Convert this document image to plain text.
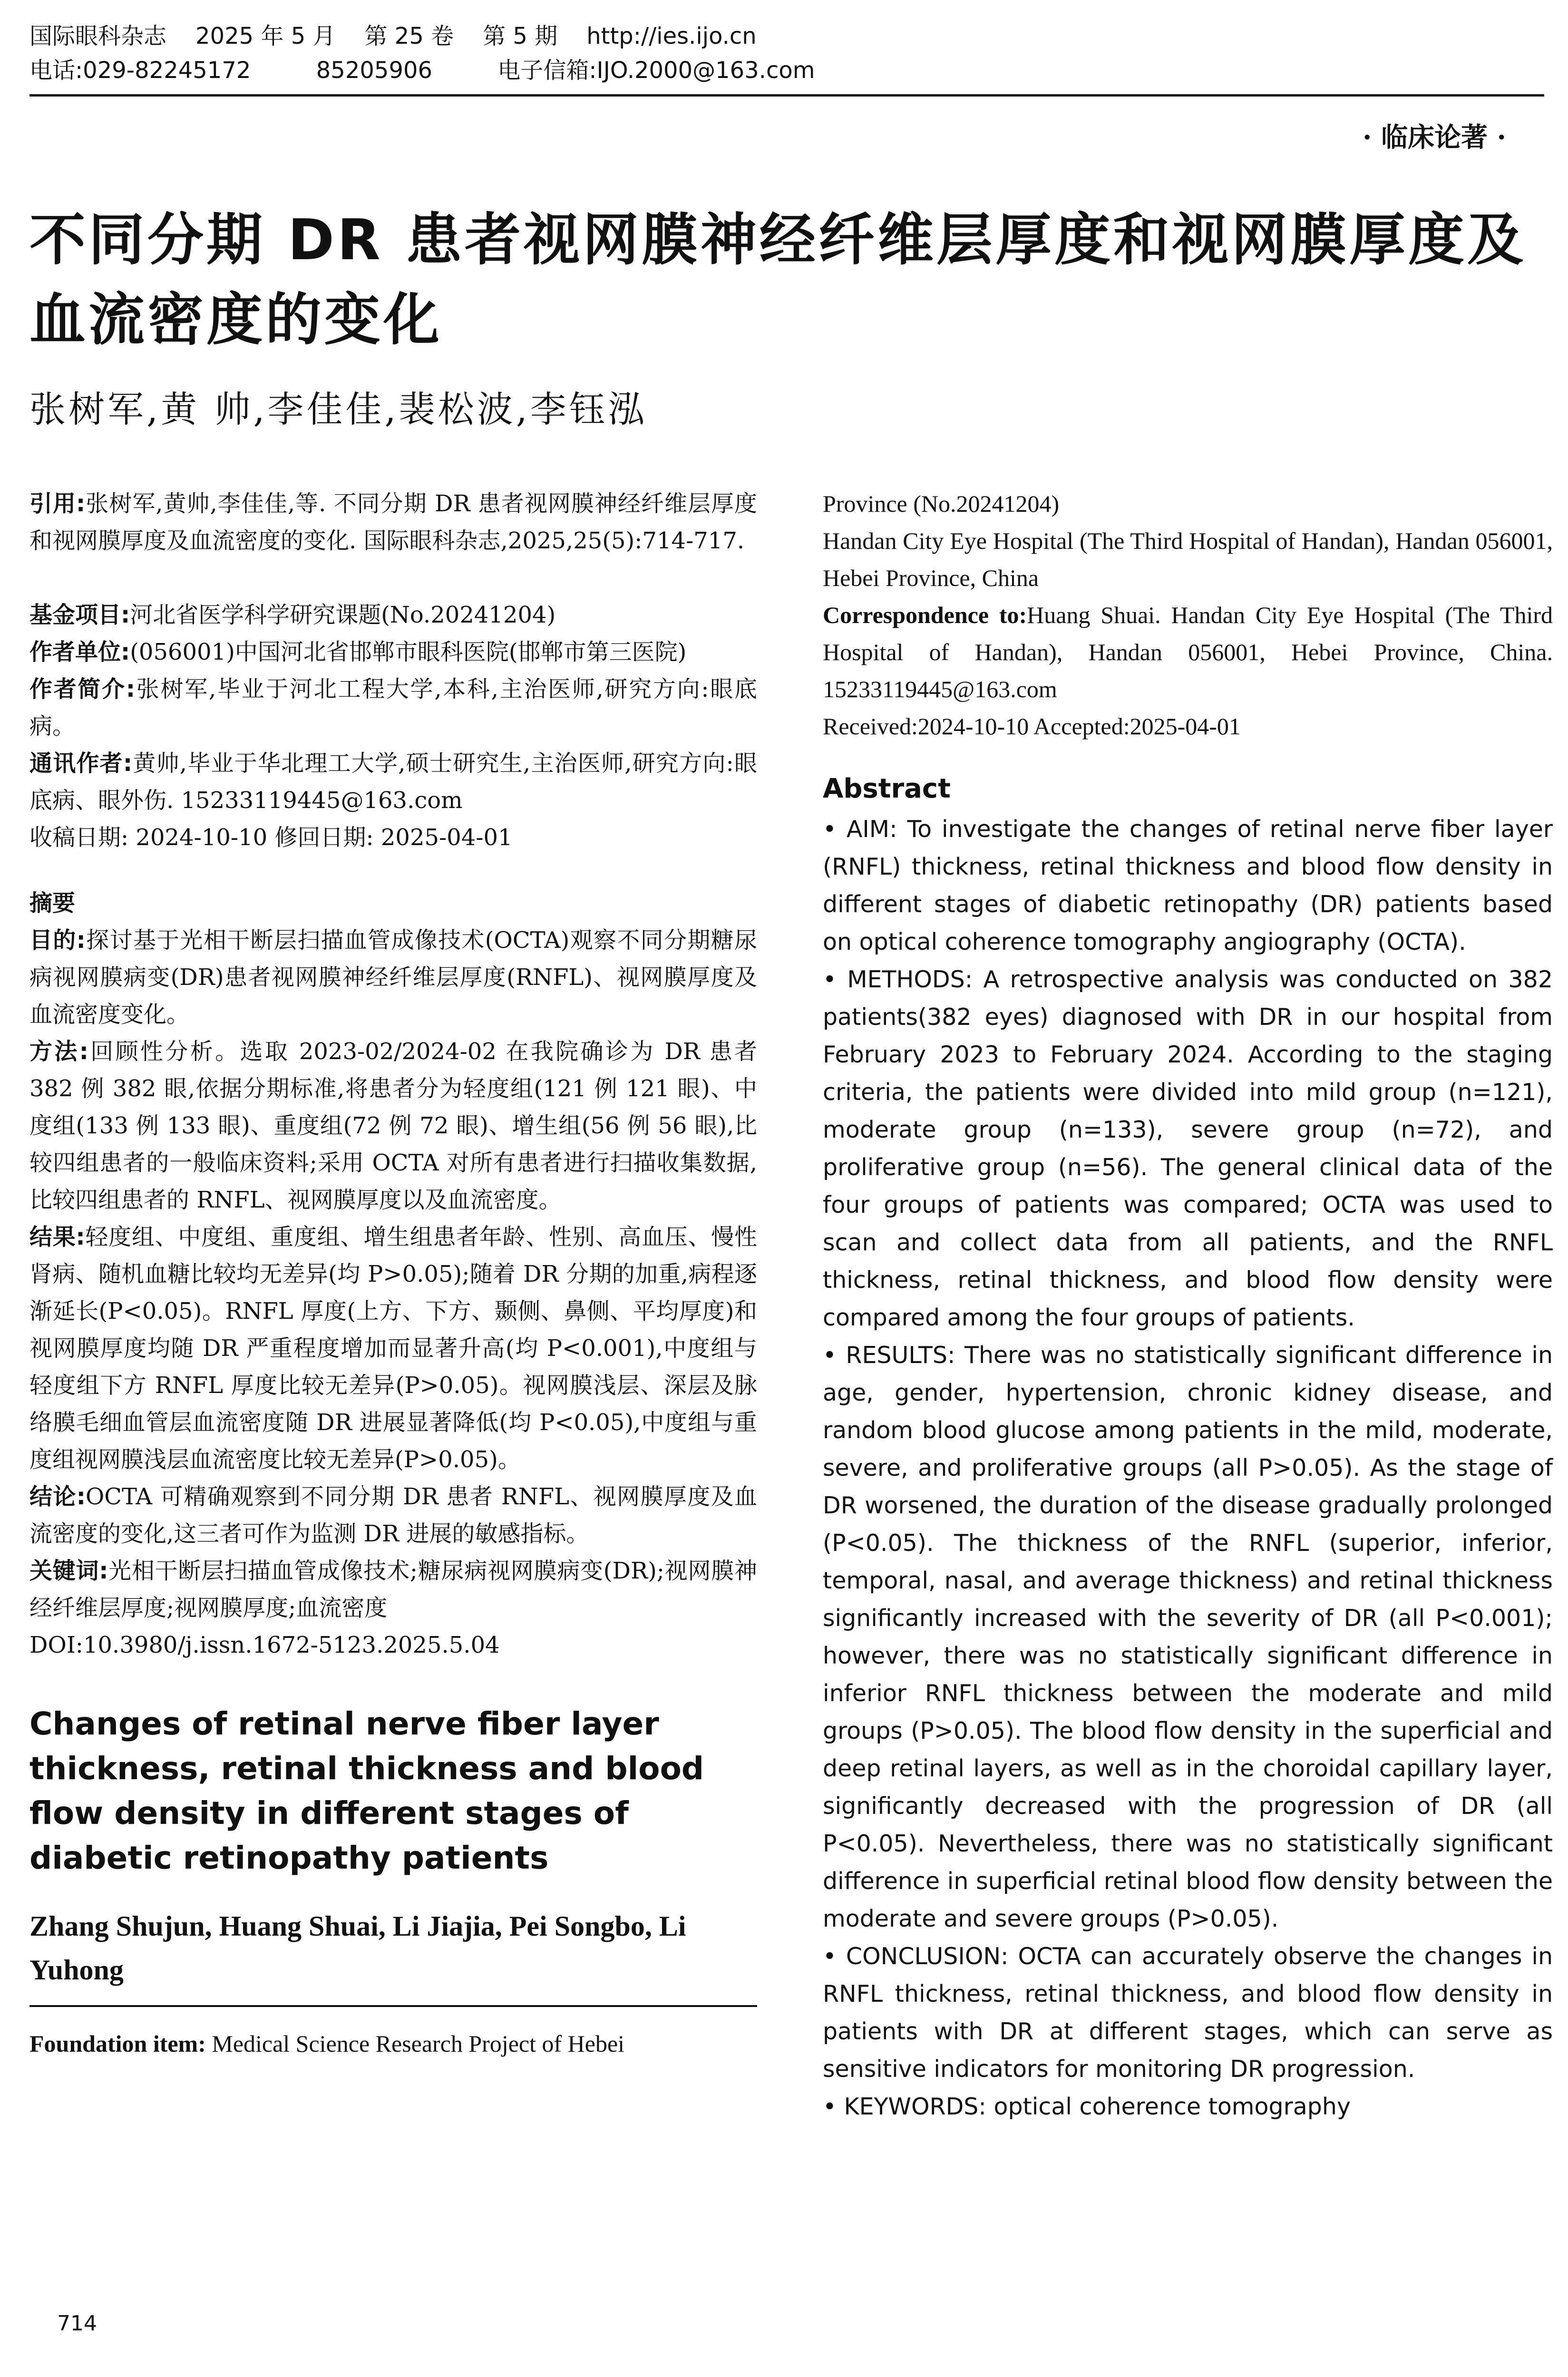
国际眼科杂志    2025 年 5 月    第 25 卷    第 5 期    http://ies.ijo.cn
电话:029-82245172         85205906         电子信箱:IJO.2000@163.com
· 临床论著 ·
不同分期 DR 患者视网膜神经纤维层厚度和视网膜厚度及血流密度的变化
张树军,黄 帅,李佳佳,裴松波,李钰泓

引用:张树军,黄帅,李佳佳,等. 不同分期 DR 患者视网膜神经纤维层厚度和视网膜厚度及血流密度的变化. 国际眼科杂志,2025,25(5):714-717.

基金项目:河北省医学科学研究课题(No.20241204)

作者单位:(056001)中国河北省邯郸市眼科医院(邯郸市第三医院)

作者简介:张树军,毕业于河北工程大学,本科,主治医师,研究方向:眼底病。

通讯作者:黄帅,毕业于华北理工大学,硕士研究生,主治医师,研究方向:眼底病、眼外伤. 15233119445@163.com

收稿日期: 2024-10-10 修回日期: 2025-04-01

摘要

目的:探讨基于光相干断层扫描血管成像技术(OCTA)观察不同分期糖尿病视网膜病变(DR)患者视网膜神经纤维层厚度(RNFL)、视网膜厚度及血流密度变化。

方法:回顾性分析。选取 2023-02/2024-02 在我院确诊为 DR 患者 382 例 382 眼,依据分期标准,将患者分为轻度组(121 例 121 眼)、中度组(133 例 133 眼)、重度组(72 例 72 眼)、增生组(56 例 56 眼),比较四组患者的一般临床资料;采用 OCTA 对所有患者进行扫描收集数据,比较四组患者的 RNFL、视网膜厚度以及血流密度。

结果:轻度组、中度组、重度组、增生组患者年龄、性别、高血压、慢性肾病、随机血糖比较均无差异(均 P>0.05);随着 DR 分期的加重,病程逐渐延长(P<0.05)。RNFL 厚度(上方、下方、颞侧、鼻侧、平均厚度)和视网膜厚度均随 DR 严重程度增加而显著升高(均 P<0.001),中度组与轻度组下方 RNFL 厚度比较无差异(P>0.05)。视网膜浅层、深层及脉络膜毛细血管层血流密度随 DR 进展显著降低(均 P<0.05),中度组与重度组视网膜浅层血流密度比较无差异(P>0.05)。

结论:OCTA 可精确观察到不同分期 DR 患者 RNFL、视网膜厚度及血流密度的变化,这三者可作为监测 DR 进展的敏感指标。

关键词:光相干断层扫描血管成像技术;糖尿病视网膜病变(DR);视网膜神经纤维层厚度;视网膜厚度;血流密度

DOI:10.3980/j.issn.1672-5123.2025.5.04

Changes of retinal nerve fiber layer thickness, retinal thickness and blood flow density in different stages of diabetic retinopathy patients

Zhang Shujun, Huang Shuai, Li Jiajia, Pei Songbo, Li Yuhong

Foundation item: Medical Science Research Project of Hebei

Province (No.20241204)

Handan City Eye Hospital (The Third Hospital of Handan), Handan 056001, Hebei Province, China

Correspondence to:Huang Shuai. Handan City Eye Hospital (The Third Hospital of Handan), Handan 056001, Hebei Province, China. 15233119445@163.com

Received:2024-10-10 Accepted:2025-04-01

Abstract

• AIM: To investigate the changes of retinal nerve fiber layer (RNFL) thickness, retinal thickness and blood flow density in different stages of diabetic retinopathy (DR) patients based on optical coherence tomography angiography (OCTA).

• METHODS: A retrospective analysis was conducted on 382 patients(382 eyes) diagnosed with DR in our hospital from February 2023 to February 2024. According to the staging criteria, the patients were divided into mild group (n=121), moderate group (n=133), severe group (n=72), and proliferative group (n=56). The general clinical data of the four groups of patients was compared; OCTA was used to scan and collect data from all patients, and the RNFL thickness, retinal thickness, and blood flow density were compared among the four groups of patients.

• RESULTS: There was no statistically significant difference in age, gender, hypertension, chronic kidney disease, and random blood glucose among patients in the mild, moderate, severe, and proliferative groups (all P>0.05). As the stage of DR worsened, the duration of the disease gradually prolonged (P<0.05). The thickness of the RNFL (superior, inferior, temporal, nasal, and average thickness) and retinal thickness significantly increased with the severity of DR (all P<0.001); however, there was no statistically significant difference in inferior RNFL thickness between the moderate and mild groups (P>0.05). The blood flow density in the superficial and deep retinal layers, as well as in the choroidal capillary layer, significantly decreased with the progression of DR (all P<0.05). Nevertheless, there was no statistically significant difference in superficial retinal blood flow density between the moderate and severe groups (P>0.05).

• CONCLUSION: OCTA can accurately observe the changes in RNFL thickness, retinal thickness, and blood flow density in patients with DR at different stages, which can serve as sensitive indicators for monitoring DR progression.

• KEYWORDS: optical coherence tomography

714
